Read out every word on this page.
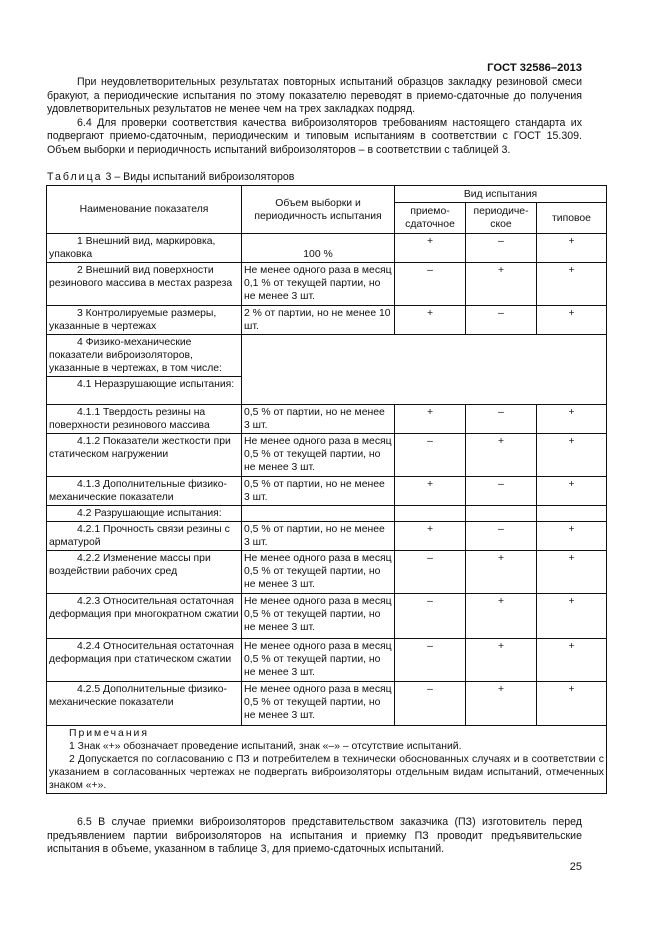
ГОСТ 32586–2013

При неудовлетворительных результатах повторных испытаний образцов закладку резиновой смеси бракуют, а периодические испытания по этому показателю переводят в приемо-сдаточные до получения удовлетворительных результатов не менее чем на трех закладках подряд.

6.4 Для проверки соответствия качества виброизоляторов требованиям настоящего стандарта их подвергают приемо-сдаточным, периодическим и типовым испытаниям в соответствии с ГОСТ 15.309. Объем выборки и периодичность испытаний виброизоляторов – в соответствии с таблицей 3.

Таблица 3 – Виды испытаний виброизоляторов
Наименование показателя	Объем выборки и периодичность испытания	Вид испытания		
		приемо-сдаточное	периодиче-ское	типовое
1 Внешний вид, маркировка, упаковка	100 %	+	–	+
2 Внешний вид поверхности резинового массива в местах разреза	Не менее одного раза в месяц 0,1 % от текущей партии, но не менее 3 шт.	–	+	+
3 Контролируемые размеры, указанные в чертежах	2 % от партии, но не менее 10 шт.	+	–	+
4 Физико-механические показатели виброизоляторов, указанные в чертежах, в том числе:				
4.1 Неразрушающие испытания:				
4.1.1 Твердость резины на поверхности резинового массива	0,5 % от партии, но не менее 3 шт.	+	–	+
4.1.2 Показатели жесткости при статическом нагружении	Не менее одного раза в месяц 0,5 % от текущей партии, но не менее 3 шт.	–	+	+
4.1.3 Дополнительные физико-механические показатели	0,5 % от партии, но не менее 3 шт.	+	–	+
4.2 Разрушающие испытания:				
4.2.1 Прочность связи резины с арматурой	0,5 % от партии, но не менее 3 шт.	+	–	+
4.2.2 Изменение массы при воздействии рабочих сред	Не менее одного раза в месяц 0,5 % от текущей партии, но не менее 3 шт.	–	+	+
4.2.3 Относительная остаточная деформация при многократном сжатии	Не менее одного раза в месяц 0,5 % от текущей партии, но не менее 3 шт.	–	+	+
4.2.4 Относительная остаточная деформация при статическом сжатии	Не менее одного раза в месяц 0,5 % от текущей партии, но не менее 3 шт.	–	+	+
4.2.5 Дополнительные физико-механические показатели	Не менее одного раза в месяц 0,5 % от текущей партии, но не менее 3 шт.	–	+	+

Примечания

1 Знак «+» обозначает проведение испытаний, знак «–» – отсутствие испытаний.

2 Допускается по согласованию с ПЗ и потребителем в технически обоснованных случаях и в соответствии с указанием в согласованных чертежах не подвергать виброизоляторы отдельным видам испытаний, отмеченных знаком «+».				

6.5 В случае приемки виброизоляторов представительством заказчика (ПЗ) изготовитель перед предъявлением партии виброизоляторов на испытания и приемку ПЗ проводит предъявительские испытания в объеме, указанном в таблице 3, для приемо-сдаточных испытаний.

25
